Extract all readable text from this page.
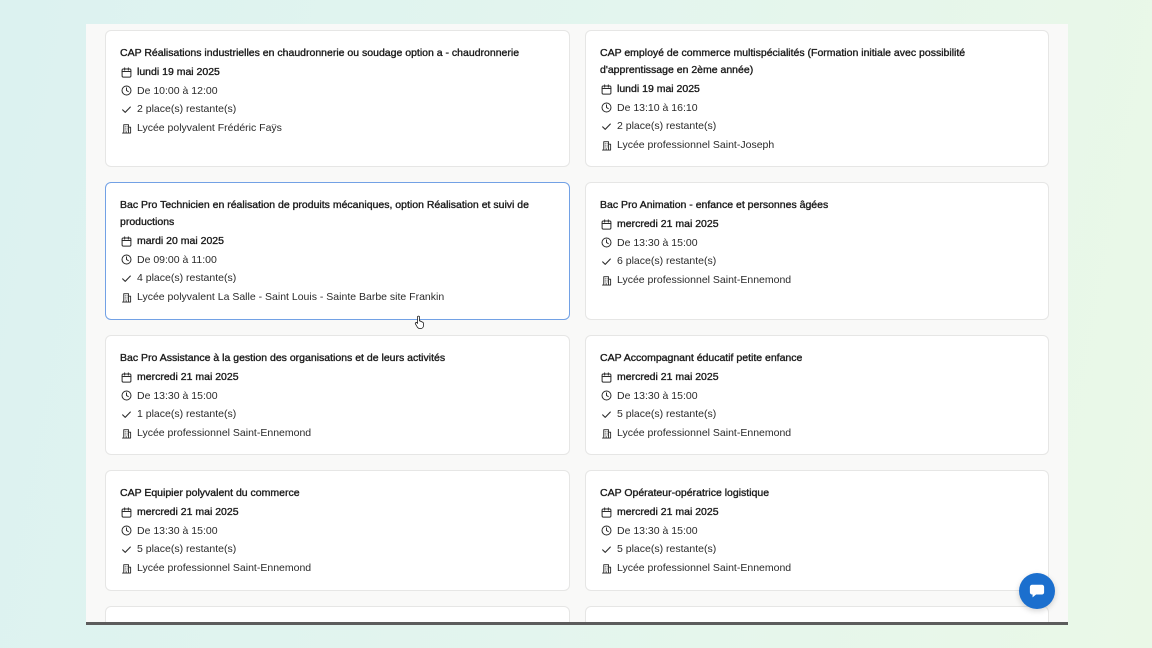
CAP Réalisations industrielles en chaudronnerie ou soudage option a - chaudronnerie
lundi 19 mai 2025
De 10:00 à 12:00
2 place(s) restante(s)
Lycée polyvalent Frédéric Faÿs
CAP employé de commerce multispécialités (Formation initiale avec possibilité d'apprentissage en 2ème année)
lundi 19 mai 2025
De 13:10 à 16:10
2 place(s) restante(s)
Lycée professionnel Saint-Joseph
Bac Pro Technicien en réalisation de produits mécaniques, option Réalisation et suivi de productions
mardi 20 mai 2025
De 09:00 à 11:00
4 place(s) restante(s)
Lycée polyvalent La Salle - Saint Louis - Sainte Barbe site Frankin
Bac Pro Animation - enfance et personnes âgées
mercredi 21 mai 2025
De 13:30 à 15:00
6 place(s) restante(s)
Lycée professionnel Saint-Ennemond
Bac Pro Assistance à la gestion des organisations et de leurs activités
mercredi 21 mai 2025
De 13:30 à 15:00
1 place(s) restante(s)
Lycée professionnel Saint-Ennemond
CAP Accompagnant éducatif petite enfance
mercredi 21 mai 2025
De 13:30 à 15:00
5 place(s) restante(s)
Lycée professionnel Saint-Ennemond
CAP Equipier polyvalent du commerce
mercredi 21 mai 2025
De 13:30 à 15:00
5 place(s) restante(s)
Lycée professionnel Saint-Ennemond
CAP Opérateur-opératrice logistique
mercredi 21 mai 2025
De 13:30 à 15:00
5 place(s) restante(s)
Lycée professionnel Saint-Ennemond
